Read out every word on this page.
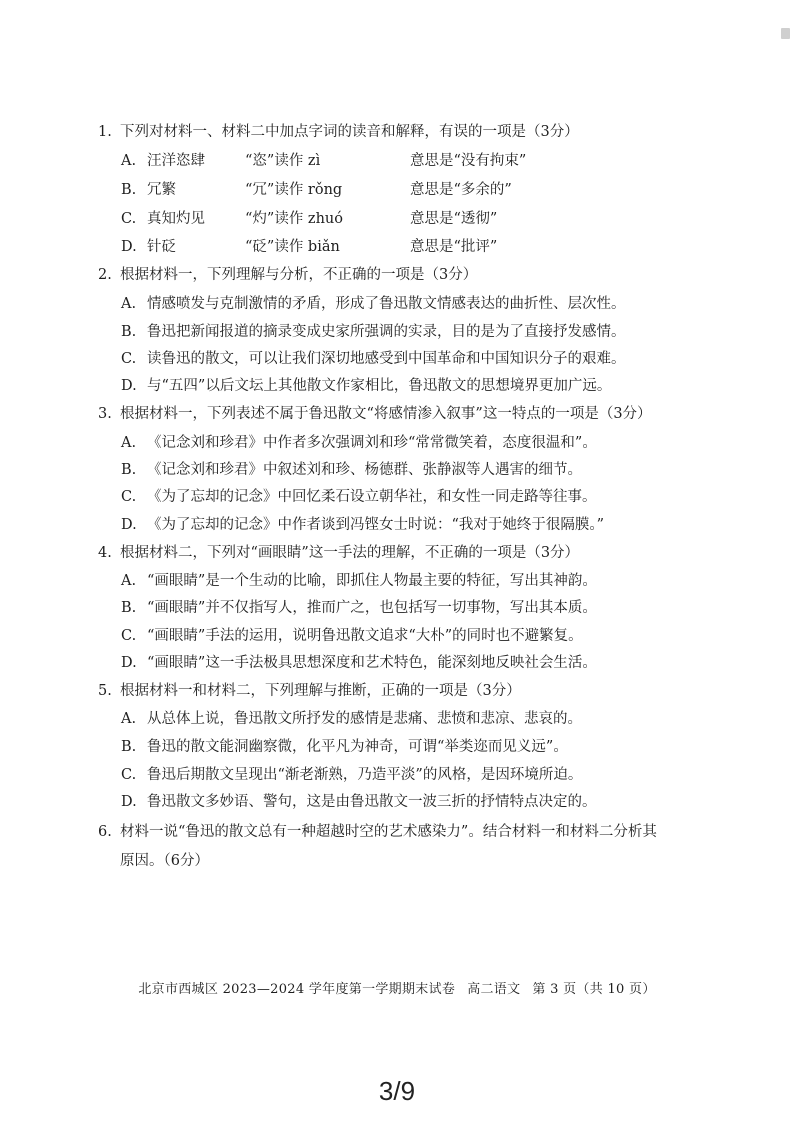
1. 下列对材料一、材料二中加点字词的读音和解释，有误的一项是（3分）
A. 汪洋恣肆	“恣”读作 zì	意思是“没有拘束”
B. 冗繁	“冗”读作 rǒng	意思是“多余的”
C. 真知灼见	“灼”读作 zhuó	意思是“透彻”
D. 针砭	“砭”读作 biǎn	意思是“批评”
2. 根据材料一，下列理解与分析，不正确的一项是（3分）
A. 情感喷发与克制激情的矛盾，形成了鲁迅散文情感表达的曲折性、层次性。
B. 鲁迅把新闻报道的摘录变成史家所强调的实录，目的是为了直接抒发感情。
C. 读鲁迅的散文，可以让我们深切地感受到中国革命和中国知识分子的艰难。
D. 与“五四”以后文坛上其他散文作家相比，鲁迅散文的思想境界更加广远。
3. 根据材料一，下列表述不属于鲁迅散文“将感情渗入叙事”这一特点的一项是（3分）
A. 《记念刘和珍君》中作者多次强调刘和珍“常常微笑着，态度很温和”。
B. 《记念刘和珍君》中叙述刘和珍、杨德群、张静淑等人遇害的细节。
C. 《为了忘却的记念》中回忆柔石设立朝华社，和女性一同走路等往事。
D. 《为了忘却的记念》中作者谈到冯铿女士时说：“我对于她终于很隔膜。”
4. 根据材料二，下列对“画眼睛”这一手法的理解，不正确的一项是（3分）
A. “画眼睛”是一个生动的比喻，即抓住人物最主要的特征，写出其神韵。
B. “画眼睛”并不仅指写人，推而广之，也包括写一切事物，写出其本质。
C. “画眼睛”手法的运用，说明鲁迅散文追求“大朴”的同时也不避繁复。
D. “画眼睛”这一手法极具思想深度和艺术特色，能深刻地反映社会生活。
5. 根据材料一和材料二，下列理解与推断，正确的一项是（3分）
A. 从总体上说，鲁迅散文所抒发的感情是悲痛、悲愤和悲凉、悲哀的。
B. 鲁迅的散文能洞幽察微，化平凡为神奇，可谓“举类迩而见义远”。
C. 鲁迅后期散文呈现出“渐老渐熟，乃造平淡”的风格，是因环境所迫。
D. 鲁迅散文多妙语、警句，这是由鲁迅散文一波三折的抒情特点决定的。
6. 材料一说“鲁迅的散文总有一种超越时空的艺术感染力”。结合材料一和材料二分析其
原因。（6分）
北京市西城区 2023—2024 学年度第一学期期末试卷 高二语文 第 3 页（共 10 页）
3/9
